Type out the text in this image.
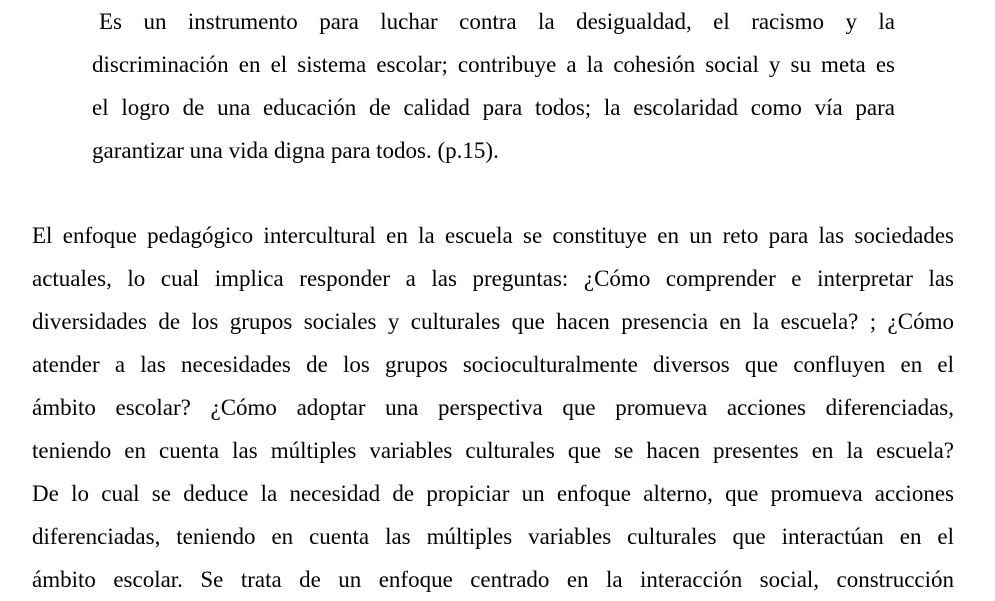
Es un instrumento para luchar contra la desigualdad, el racismo y la
discriminación en el sistema escolar; contribuye a la cohesión social y su meta es
el logro de una educación de calidad para todos; la escolaridad como vía para
garantizar una vida digna para todos. (p.15).
El enfoque pedagógico intercultural en la escuela se constituye en un reto para las sociedades
actuales, lo cual implica responder a las preguntas: ¿Cómo comprender e interpretar las
diversidades de los grupos sociales y culturales que hacen presencia en la escuela? ; ¿Cómo
atender a las necesidades de los grupos socioculturalmente diversos que confluyen en el
ámbito escolar? ¿Cómo adoptar una perspectiva que promueva acciones diferenciadas,
teniendo en cuenta las múltiples variables culturales que se hacen presentes en la escuela?
De lo cual se deduce la necesidad de propiciar un enfoque alterno, que promueva acciones
diferenciadas, teniendo en cuenta las múltiples variables culturales que interactúan en el
ámbito escolar. Se trata de un enfoque centrado en la interacción social, construcción
